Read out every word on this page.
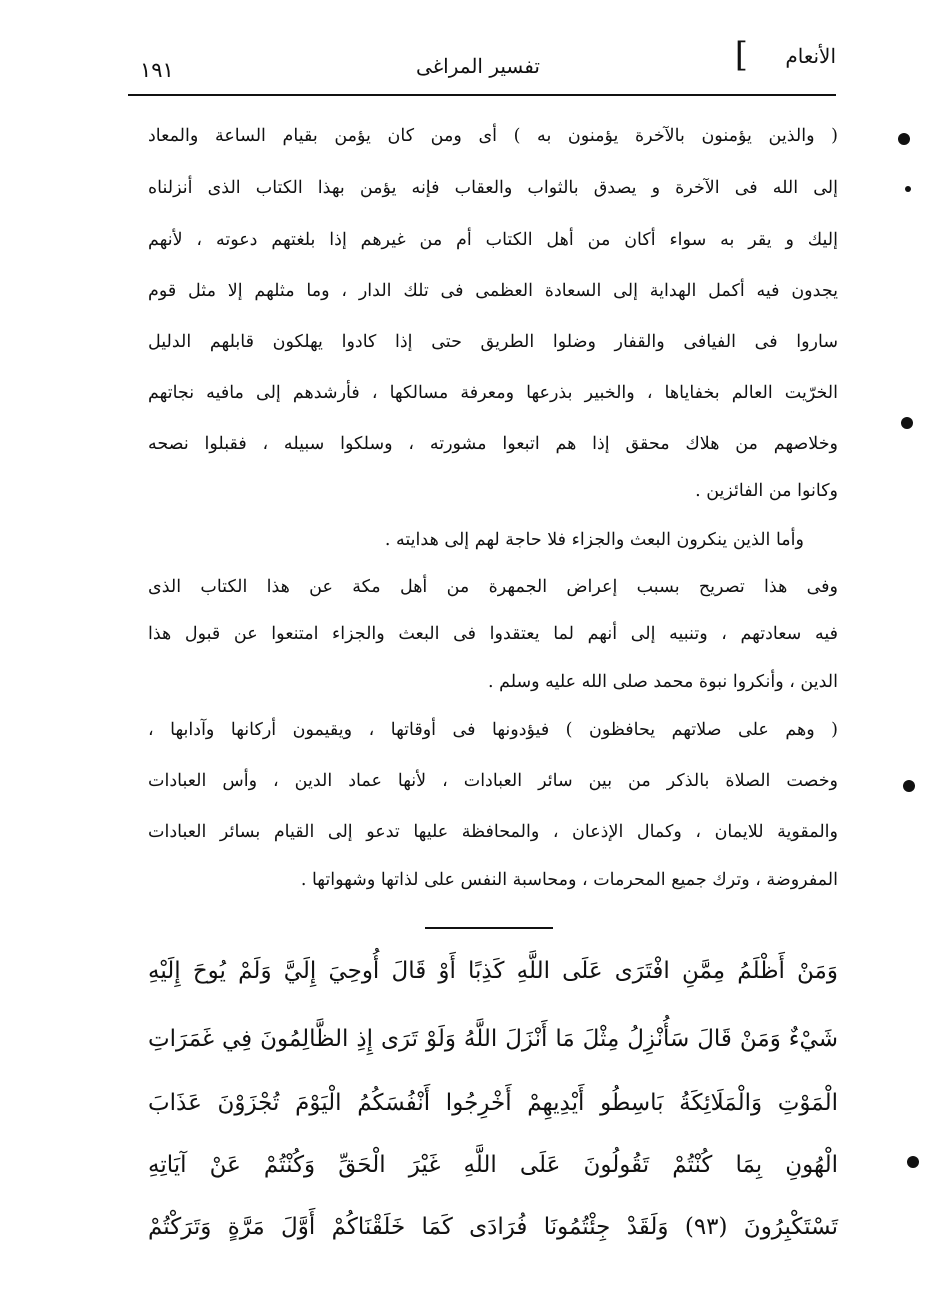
الأنعام
]
تفسير المراغى
١٩١
( والذين يؤمنون بالآخرة يؤمنون به ) أى ومن كان يؤمن بقيام الساعة والمعاد
إلى الله فى الآخرة و يصدق بالثواب والعقاب فإنه يؤمن بهذا الكتاب الذى أنزلناه
إليك و يقر به سواء أكان من أهل الكتاب أم من غيرهم إذا بلغتهم دعوته ، لأنهم
يجدون فيه أكمل الهداية إلى السعادة العظمى فى تلك الدار ، وما مثلهم إلا مثل قوم
ساروا فى الفيافى والقفار وضلوا الطريق حتى إذا كادوا يهلكون قابلهم الدليل
الخرّيت العالم بخفاياها ، والخبير بذرعها ومعرفة مسالكها ، فأرشدهم إلى مافيه نجاتهم
وخلاصهم من هلاك محقق إذا هم اتبعوا مشورته ، وسلكوا سبيله ، فقبلوا نصحه
وكانوا من الفائزين .
وأما الذين ينكرون البعث والجزاء فلا حاجة لهم إلى هدايته .
وفى هذا تصريح بسبب إعراض الجمهرة من أهل مكة عن هذا الكتاب الذى
فيه سعادتهم ، وتنبيه إلى أنهم لما يعتقدوا فى البعث والجزاء امتنعوا عن قبول هذا
الدين ، وأنكروا نبوة محمد صلى الله عليه وسلم .
( وهم على صلاتهم يحافظون ) فيؤدونها فى أوقاتها ، ويقيمون أركانها وآدابها ،
وخصت الصلاة بالذكر من بين سائر العبادات ، لأنها عماد الدين ، وأس العبادات
والمقوية للايمان ، وكمال الإذعان ، والمحافظة عليها تدعو إلى القيام بسائر العبادات
المفروضة ، وترك جميع المحرمات ، ومحاسبة النفس على لذاتها وشهواتها .
وَمَنْ أَظْلَمُ مِمَّنِ افْتَرَى عَلَى اللَّهِ كَذِبًا أَوْ قَالَ أُوحِيَ إِلَيَّ وَلَمْ يُوحَ إِلَيْهِ
شَيْءٌ وَمَنْ قَالَ سَأُنْزِلُ مِثْلَ مَا أَنْزَلَ اللَّهُ وَلَوْ تَرَى إِذِ الظَّالِمُونَ فِي غَمَرَاتِ
الْمَوْتِ وَالْمَلَائِكَةُ بَاسِطُو أَيْدِيهِمْ أَخْرِجُوا أَنْفُسَكُمُ الْيَوْمَ تُجْزَوْنَ عَذَابَ
الْهُونِ بِمَا كُنْتُمْ تَقُولُونَ عَلَى اللَّهِ غَيْرَ الْحَقِّ وَكُنْتُمْ عَنْ آيَاتِهِ
تَسْتَكْبِرُونَ (٩٣) وَلَقَدْ جِئْتُمُونَا فُرَادَى كَمَا خَلَقْنَاكُمْ أَوَّلَ مَرَّةٍ وَتَرَكْتُمْ
